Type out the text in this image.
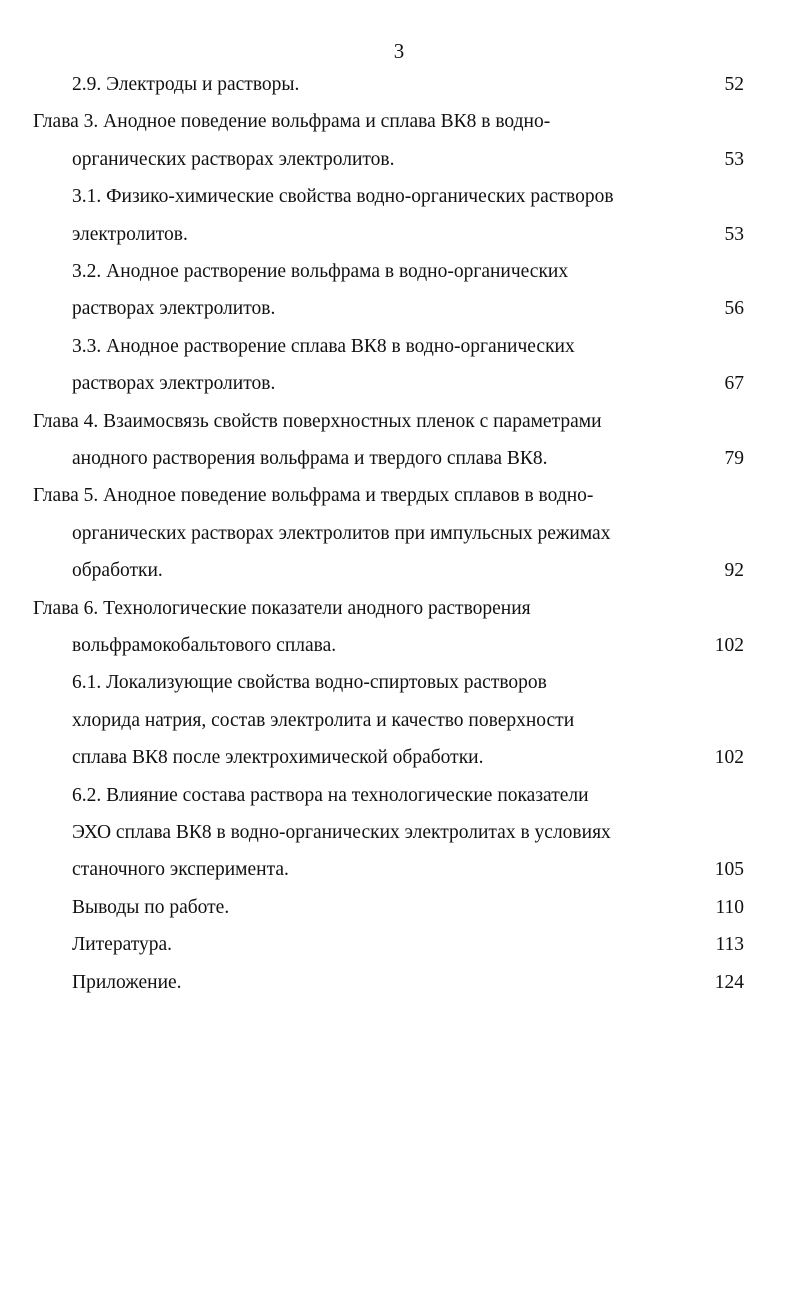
3
2.9. Электроды и растворы.	52
Глава 3. Анодное поведение вольфрама и сплава ВК8 в водно-
органических растворах электролитов.	53
3.1. Физико-химические свойства водно-органических растворов
электролитов.	53
3.2. Анодное растворение вольфрама в водно-органических
растворах электролитов.	56
3.3. Анодное растворение сплава ВК8 в водно-органических
растворах электролитов.	67
Глава 4. Взаимосвязь свойств поверхностных пленок с параметрами
анодного растворения вольфрама и твердого сплава ВК8.	79
Глава 5. Анодное поведение вольфрама и твердых сплавов в водно-
органических растворах электролитов при импульсных режимах
обработки.	92
Глава 6. Технологические показатели анодного растворения
вольфрамокобальтового сплава.	102
6.1. Локализующие свойства водно-спиртовых растворов
хлорида натрия, состав электролита и качество поверхности
сплава ВК8 после электрохимической обработки.	102
6.2. Влияние состава раствора на технологические показатели
ЭХО сплава ВК8 в водно-органических электролитах в условиях
станочного эксперимента.	105
Выводы по работе.	110
Литература.	113
Приложение.	124
